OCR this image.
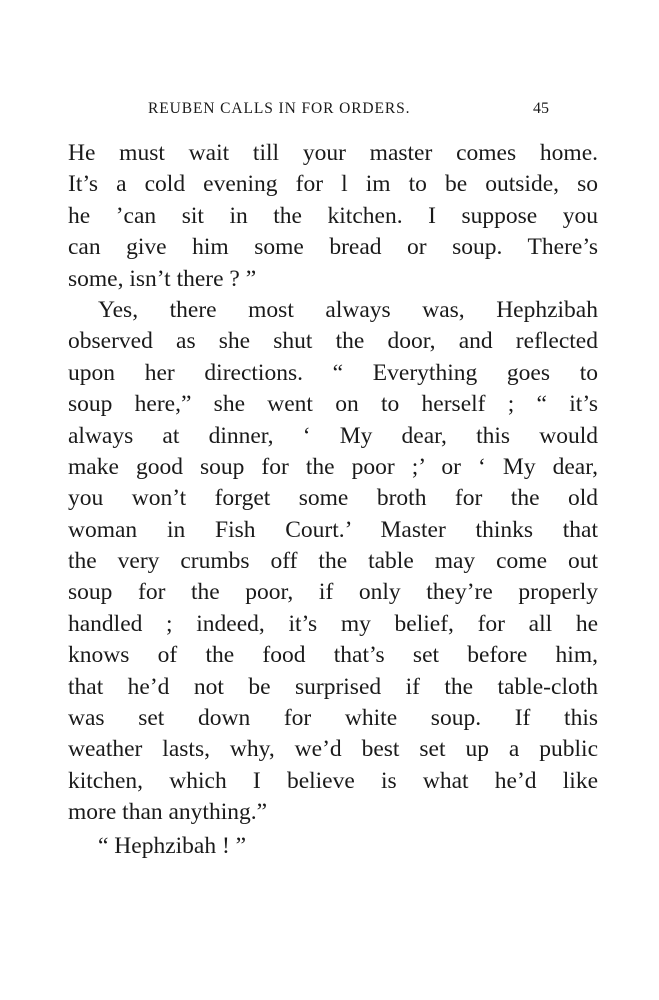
REUBEN CALLS IN FOR ORDERS.	45
He must wait till your master comes home.
It’s a cold evening for l im to be outside, so
he ’can sit in the kitchen. I suppose you
can give him some bread or soup. There’s
some, isn’t there ? ”
Yes, there most always was, Hephzibah
observed as she shut the door, and reflected
upon her directions. “ Everything goes to
soup here,” she went on to herself ; “ it’s
always at dinner, ‘ My dear, this would
make good soup for the poor ;’ or ‘ My dear,
you won’t forget some broth for the old
woman in Fish Court.’ Master thinks that
the very crumbs off the table may come out
soup for the poor, if only they’re properly
handled ; indeed, it’s my belief, for all he
knows of the food that’s set before him,
that he’d not be surprised if the table-cloth
was set down for white soup. If this
weather lasts, why, we’d best set up a public
kitchen, which I believe is what he’d like
more than anything.”
“ Hephzibah ! ”
